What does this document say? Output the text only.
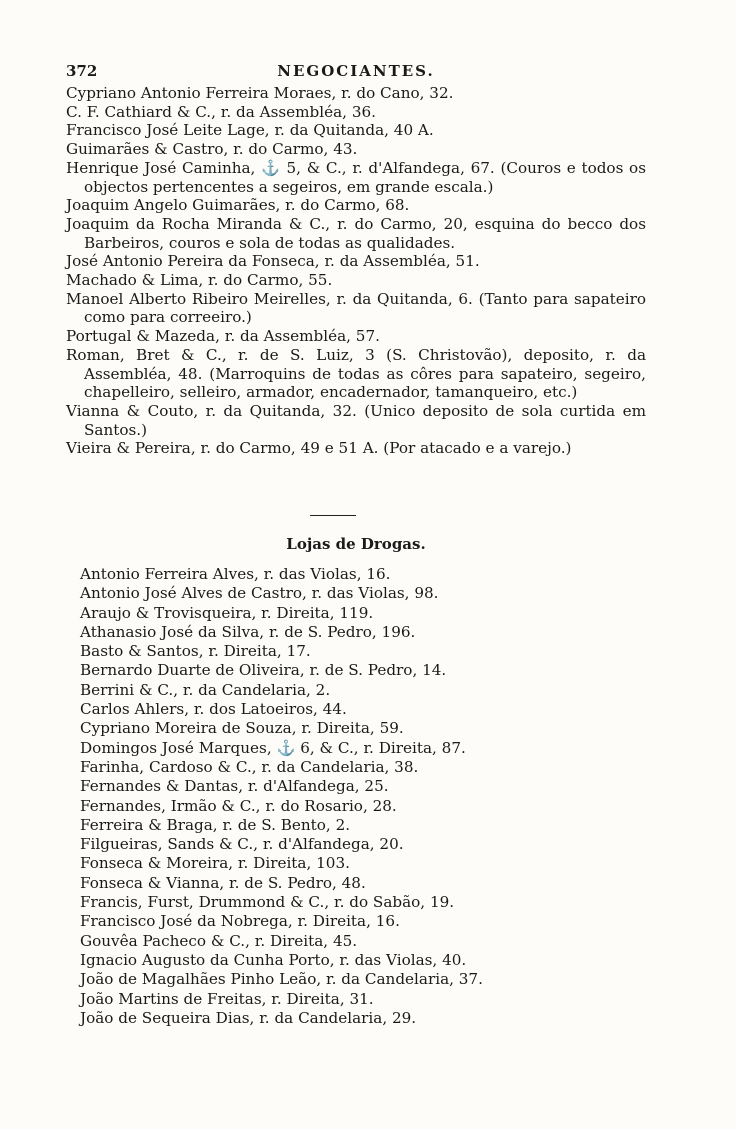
372	NEGOCIANTES.

Cypriano Antonio Ferreira Moraes, r. do Cano, 32.

C. F. Cathiard & C., r. da Assembléa, 36.

Francisco José Leite Lage, r. da Quitanda, 40 A.

Guimarães & Castro, r. do Carmo, 43.

Henrique José Caminha, ⚓ 5, & C., r. d'Alfandega, 67. (Couros e todos os objectos pertencentes a segeiros, em grande escala.)

Joaquim Angelo Guimarães, r. do Carmo, 68.

Joaquim da Rocha Miranda & C., r. do Carmo, 20, esquina do becco dos Barbeiros, couros e sola de todas as qualidades.

José Antonio Pereira da Fonseca, r. da Assembléa, 51.

Machado & Lima, r. do Carmo, 55.

Manoel Alberto Ribeiro Meirelles, r. da Quitanda, 6. (Tanto para sapateiro como para correeiro.)

Portugal & Mazeda, r. da Assembléa, 57.

Roman, Bret & C., r. de S. Luiz, 3 (S. Christovão), deposito, r. da Assembléa, 48. (Marroquins de todas as côres para sapateiro, segeiro, chapelleiro, selleiro, armador, encadernador, tamanqueiro, etc.)

Vianna & Couto, r. da Quitanda, 32. (Unico deposito de sola curtida em Santos.)

Vieira & Pereira, r. do Carmo, 49 e 51 A. (Por atacado e a varejo.)

Lojas de Drogas.

Antonio Ferreira Alves, r. das Violas, 16.

Antonio José Alves de Castro, r. das Violas, 98.

Araujo & Trovisqueira, r. Direita, 119.

Athanasio José da Silva, r. de S. Pedro, 196.

Basto & Santos, r. Direita, 17.

Bernardo Duarte de Oliveira, r. de S. Pedro, 14.

Berrini & C., r. da Candelaria, 2.

Carlos Ahlers, r. dos Latoeiros, 44.

Cypriano Moreira de Souza, r. Direita, 59.

Domingos José Marques, ⚓ 6, & C., r. Direita, 87.

Farinha, Cardoso & C., r. da Candelaria, 38.

Fernandes & Dantas, r. d'Alfandega, 25.

Fernandes, Irmão & C., r. do Rosario, 28.

Ferreira & Braga, r. de S. Bento, 2.

Filgueiras, Sands & C., r. d'Alfandega, 20.

Fonseca & Moreira, r. Direita, 103.

Fonseca & Vianna, r. de S. Pedro, 48.

Francis, Furst, Drummond & C., r. do Sabão, 19.

Francisco José da Nobrega, r. Direita, 16.

Gouvêa Pacheco & C., r. Direita, 45.

Ignacio Augusto da Cunha Porto, r. das Violas, 40.

João de Magalhães Pinho Leão, r. da Candelaria, 37.

João Martins de Freitas, r. Direita, 31.

João de Sequeira Dias, r. da Candelaria, 29.
